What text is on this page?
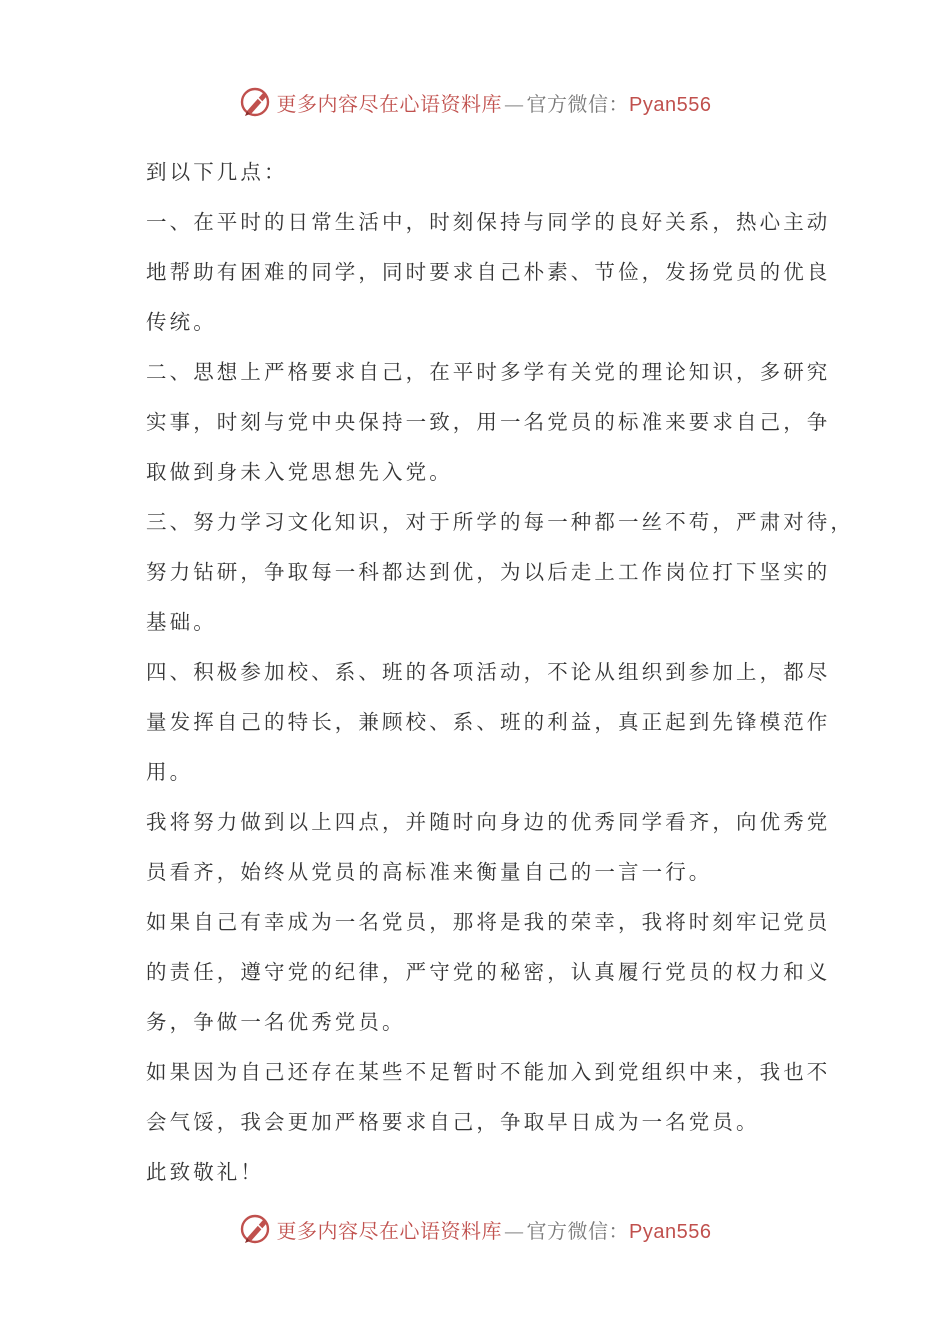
更多内容尽在心语资料库 — 官方微信：Pyan556
到以下几点：
一、在平时的日常生活中，时刻保持与同学的良好关系，热心主动
地帮助有困难的同学，同时要求自己朴素、节俭，发扬党员的优良
传统。
二、思想上严格要求自己，在平时多学有关党的理论知识，多研究
实事，时刻与党中央保持一致，用一名党员的标准来要求自己，争
取做到身未入党思想先入党。
三、努力学习文化知识，对于所学的每一种都一丝不苟，严肃对待，
努力钻研，争取每一科都达到优，为以后走上工作岗位打下坚实的
基础。
四、积极参加校、系、班的各项活动，不论从组织到参加上，都尽
量发挥自己的特长，兼顾校、系、班的利益，真正起到先锋模范作
用。
我将努力做到以上四点，并随时向身边的优秀同学看齐，向优秀党
员看齐，始终从党员的高标准来衡量自己的一言一行。
如果自己有幸成为一名党员，那将是我的荣幸，我将时刻牢记党员
的责任，遵守党的纪律，严守党的秘密，认真履行党员的权力和义
务，争做一名优秀党员。
如果因为自己还存在某些不足暂时不能加入到党组织中来，我也不
会气馁，我会更加严格要求自己，争取早日成为一名党员。
此致敬礼！
更多内容尽在心语资料库 — 官方微信：Pyan556
